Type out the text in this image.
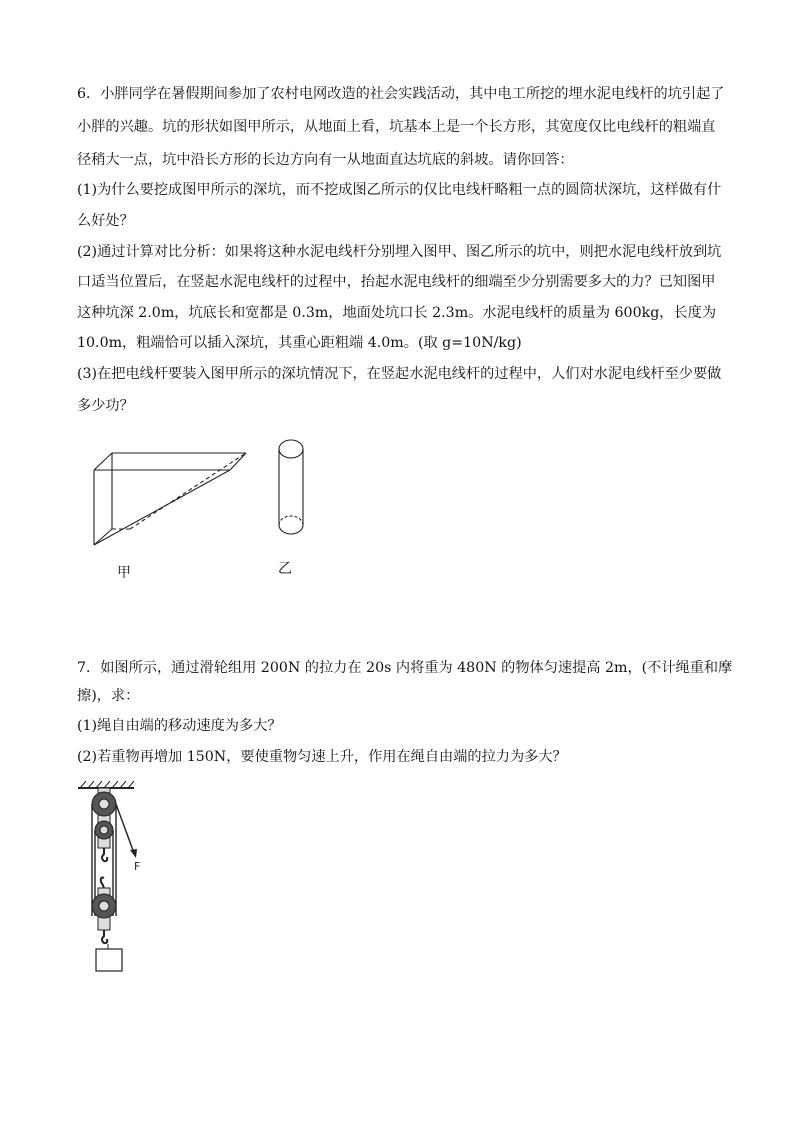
6．小胖同学在暑假期间参加了农村电网改造的社会实践活动，其中电工所挖的埋水泥电线杆的坑引起了
小胖的兴趣。坑的形状如图甲所示，从地面上看，坑基本上是一个长方形，其宽度仅比电线杆的粗端直
径稍大一点，坑中沿长方形的长边方向有一从地面直达坑底的斜坡。请你回答：
(1)为什么要挖成图甲所示的深坑，而不挖成图乙所示的仅比电线杆略粗一点的圆筒状深坑，这样做有什
么好处？
(2)通过计算对比分析：如果将这种水泥电线杆分别埋入图甲、图乙所示的坑中，则把水泥电线杆放到坑
口适当位置后，在竖起水泥电线杆的过程中，抬起水泥电线杆的细端至少分别需要多大的力？已知图甲
这种坑深 2.0m，坑底长和宽都是 0.3m，地面处坑口长 2.3m。水泥电线杆的质量为 600kg，长度为
10.0m，粗端恰可以插入深坑，其重心距粗端 4.0m。(取 g=10N/kg)
(3)在把电线杆要装入图甲所示的深坑情况下，在竖起水泥电线杆的过程中，人们对水泥电线杆至少要做
多少功？
甲	乙
7．如图所示，通过滑轮组用 200N 的拉力在 20s 内将重为 480N 的物体匀速提高 2m，(不计绳重和摩
擦)，求：
(1)绳自由端的移动速度为多大？
(2)若重物再增加 150N，要使重物匀速上升，作用在绳自由端的拉力为多大？
F
